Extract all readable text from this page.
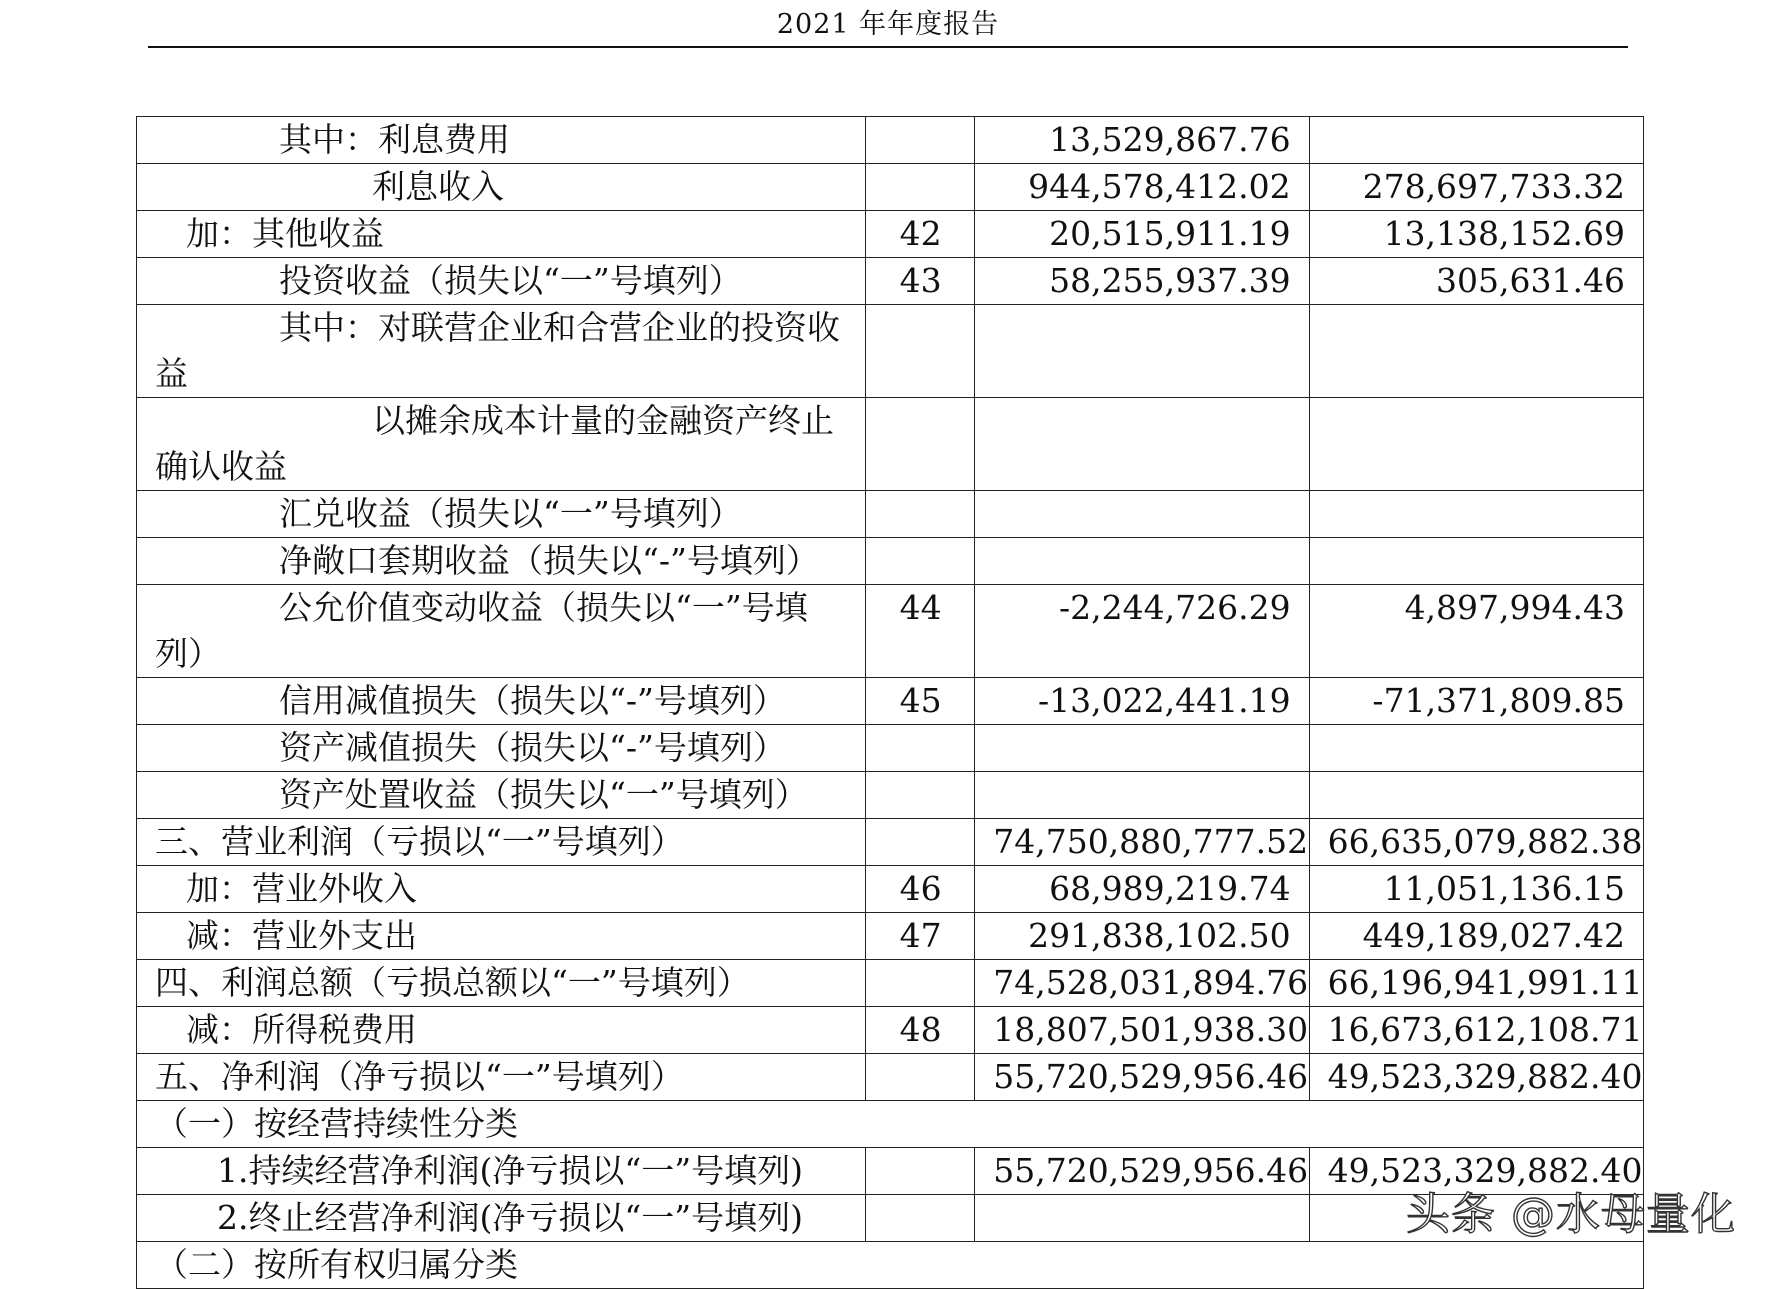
2021 年年度报告
其中：利息费用		13,529,867.76	
利息收入		944,578,412.02	278,697,733.32
加：其他收益	42	20,515,911.19	13,138,152.69
投资收益（损失以“一”号填列）	43	58,255,937.39	305,631.46
其中：对联营企业和合营企业的投资收益			
以摊余成本计量的金融资产终止确认收益			
汇兑收益（损失以“一”号填列）			
净敞口套期收益（损失以“-”号填列）			
公允价值变动收益（损失以“一”号填列）	44	-2,244,726.29	4,897,994.43
信用减值损失（损失以“-”号填列）	45	-13,022,441.19	-71,371,809.85
资产减值损失（损失以“-”号填列）			
资产处置收益（损失以“一”号填列）			
三、营业利润（亏损以“一”号填列）		74,750,880,777.52	66,635,079,882.38
加：营业外收入	46	68,989,219.74	11,051,136.15
减：营业外支出	47	291,838,102.50	449,189,027.42
四、利润总额（亏损总额以“一”号填列）		74,528,031,894.76	66,196,941,991.11
减：所得税费用	48	18,807,501,938.30	16,673,612,108.71
五、净利润（净亏损以“一”号填列）		55,720,529,956.46	49,523,329,882.40
（一）按经营持续性分类			
1.持续经营净利润(净亏损以“一”号填列)		55,720,529,956.46	49,523,329,882.40
2.终止经营净利润(净亏损以“一”号填列)			
（二）按所有权归属分类			
头条 @水母量化
